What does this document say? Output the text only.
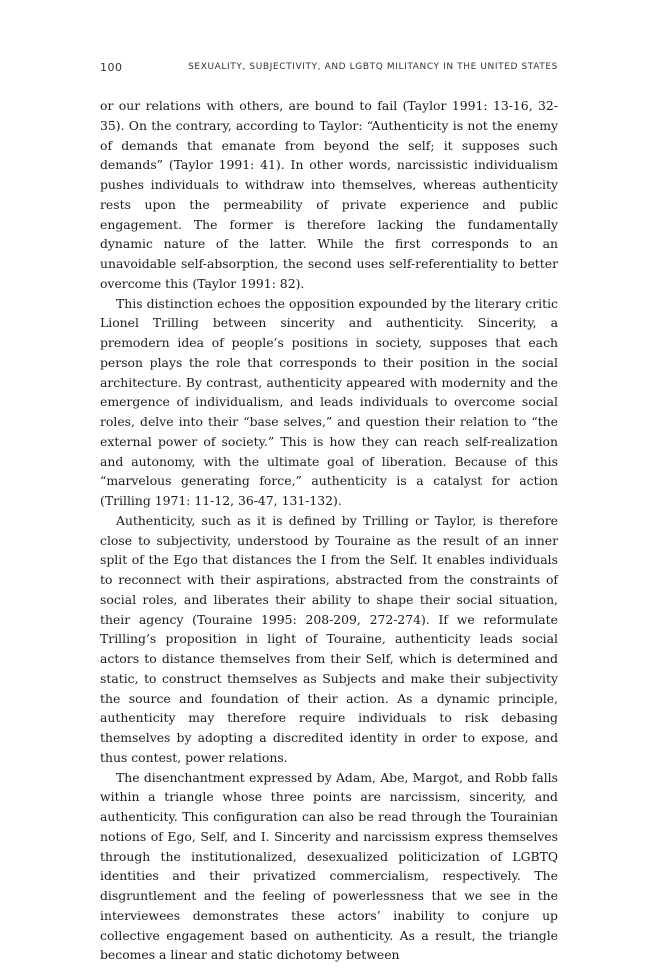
100	SEXUALITY, SUBJECTIVITY, AND LGBTQ MILITANCY IN THE UNITED STATES

or our relations with others, are bound to fail (Taylor 1991: 13-16, 32-35). On the contrary, according to Taylor: “Authenticity is not the enemy of demands that emanate from beyond the self; it supposes such demands” (Taylor 1991: 41). In other words, narcissistic individualism pushes individuals to withdraw into themselves, whereas authenticity rests upon the permeability of private experience and public engagement. The former is therefore lacking the fundamentally dynamic nature of the latter. While the first corresponds to an unavoidable self-absorption, the second uses self-referentiality to better overcome this (Taylor 1991: 82).

This distinction echoes the opposition expounded by the literary critic Lionel Trilling between sincerity and authenticity. Sincerity, a premodern idea of people’s positions in society, supposes that each person plays the role that corresponds to their position in the social architecture. By contrast, authenticity appeared with modernity and the emergence of individualism, and leads individuals to overcome social roles, delve into their “base selves,” and question their relation to “the external power of society.” This is how they can reach self-realization and autonomy, with the ultimate goal of liberation. Because of this “marvelous generating force,” authenticity is a catalyst for action (Trilling 1971: 11-12, 36-47, 131-132).

Authenticity, such as it is defined by Trilling or Taylor, is therefore close to subjectivity, understood by Touraine as the result of an inner split of the Ego that distances the I from the Self. It enables individuals to reconnect with their aspirations, abstracted from the constraints of social roles, and liberates their ability to shape their social situation, their agency (Touraine 1995: 208-209, 272-274). If we reformulate Trilling’s proposition in light of Touraine, authenticity leads social actors to distance themselves from their Self, which is determined and static, to construct themselves as Subjects and make their subjectivity the source and foundation of their action. As a dynamic principle, authenticity may therefore require individuals to risk debasing themselves by adopting a discredited identity in order to expose, and thus contest, power relations.

The disenchantment expressed by Adam, Abe, Margot, and Robb falls within a triangle whose three points are narcissism, sincerity, and authenticity. This configuration can also be read through the Tourainian notions of Ego, Self, and I. Sincerity and narcissism express themselves through the institutionalized, desexualized politicization of LGBTQ identities and their privatized commercialism, respectively. The disgruntlement and the feeling of powerlessness that we see in the interviewees demonstrates these actors’ inability to conjure up collective engagement based on authenticity. As a result, the triangle becomes a linear and static dichotomy between
